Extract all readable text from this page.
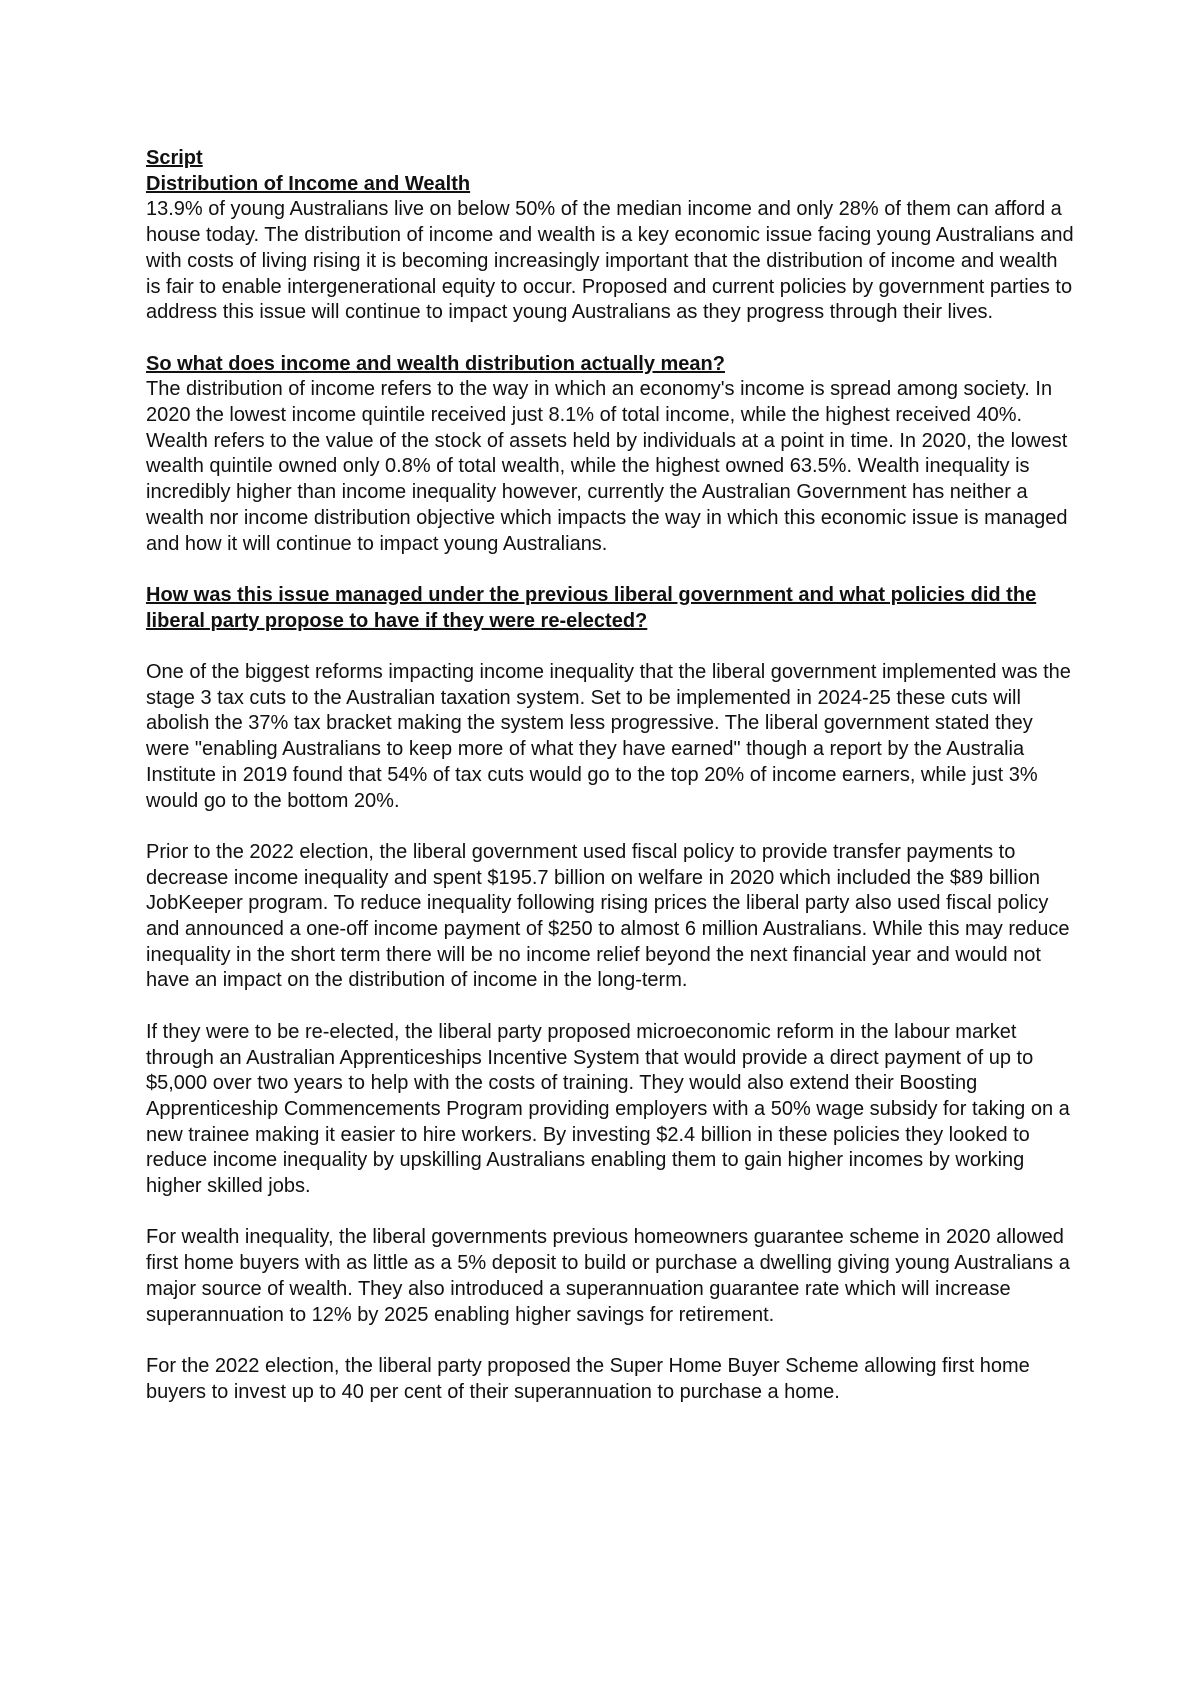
Script

Distribution of Income and Wealth

13.9% of young Australians live on below 50% of the median income and only 28% of them can afford a house today. The distribution of income and wealth is a key economic issue facing young Australians and with costs of living rising it is becoming increasingly important that the distribution of income and wealth is fair to enable intergenerational equity to occur. Proposed and current policies by government parties to address this issue will continue to impact young Australians as they progress through their lives.

So what does income and wealth distribution actually mean?

The distribution of income refers to the way in which an economy's income is spread among society. In 2020 the lowest income quintile received just 8.1% of total income, while the highest received 40%. Wealth refers to the value of the stock of assets held by individuals at a point in time. In 2020, the lowest wealth quintile owned only 0.8% of total wealth, while the highest owned 63.5%. Wealth inequality is incredibly higher than income inequality however, currently the Australian Government has neither a wealth nor income distribution objective which impacts the way in which this economic issue is managed and how it will continue to impact young Australians.

How was this issue managed under the previous liberal government and what policies did the liberal party propose to have if they were re-elected?

One of the biggest reforms impacting income inequality that the liberal government implemented was the stage 3 tax cuts to the Australian taxation system. Set to be implemented in 2024-25 these cuts will abolish the 37% tax bracket making the system less progressive. The liberal government stated they were "enabling Australians to keep more of what they have earned" though a report by the Australia Institute in 2019 found that 54% of tax cuts would go to the top 20% of income earners, while just 3% would go to the bottom 20%.

Prior to the 2022 election, the liberal government used fiscal policy to provide transfer payments to decrease income inequality and spent $195.7 billion on welfare in 2020 which included the $89 billion JobKeeper program. To reduce inequality following rising prices the liberal party also used fiscal policy and announced a one-off income payment of $250 to almost 6 million Australians. While this may reduce inequality in the short term there will be no income relief beyond the next financial year and would not have an impact on the distribution of income in the long-term.

If they were to be re-elected, the liberal party proposed microeconomic reform in the labour market through an Australian Apprenticeships Incentive System that would provide a direct payment of up to $5,000 over two years to help with the costs of training. They would also extend their Boosting Apprenticeship Commencements Program providing employers with a 50% wage subsidy for taking on a new trainee making it easier to hire workers. By investing $2.4 billion in these policies they looked to reduce income inequality by upskilling Australians enabling them to gain higher incomes by working higher skilled jobs.

For wealth inequality, the liberal governments previous homeowners guarantee scheme in 2020 allowed first home buyers with as little as a 5% deposit to build or purchase a dwelling giving young Australians a major source of wealth. They also introduced a superannuation guarantee rate which will increase superannuation to 12% by 2025 enabling higher savings for retirement.

For the 2022 election, the liberal party proposed the Super Home Buyer Scheme allowing first home buyers to invest up to 40 per cent of their superannuation to purchase a home.
